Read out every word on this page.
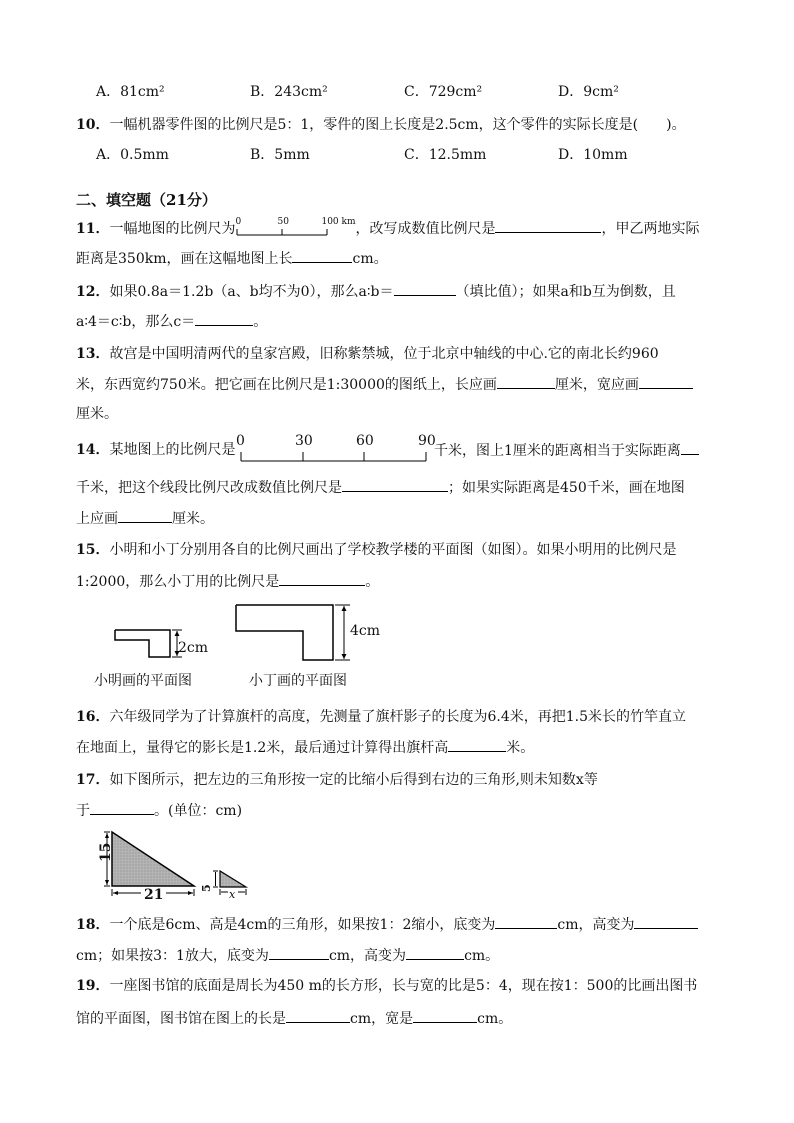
A．81cm²	B．243cm²	C．729cm²	D．9cm²
10．一幅机器零件图的比例尺是5：1，零件的图上长度是2.5cm，这个零件的实际长度是(　　)。
A．0.5mm	B．5mm	C．12.5mm	D．10mm
二、填空题（21分）
11．一幅地图的比例尺为 0	50	100 km ，改写成数值比例尺是	，甲乙两地实际
距离是350km，画在这幅地图上长	cm。
12．如果0.8a＝1.2b（a、b均不为0），那么a∶b＝	（填比值）；如果a和b互为倒数，且
a∶4＝c∶b，那么c＝	。
13．故宫是中国明清两代的皇家宫殿，旧称紫禁城，位于北京中轴线的中心.它的南北长约960
米，东西宽约750米。把它画在比例尺是1:30000的图纸上，长应画	厘米，宽应画
厘米。
14．某地图上的比例尺是
0	30	60	90
千米，图上1厘米的距离相当于实际距离
千米，把这个线段比例尺改成数值比例尺是	；如果实际距离是450千米，画在地图
上应画	厘米。
15．小明和小丁分别用各自的比例尺画出了学校教学楼的平面图（如图）。如果小明用的比例尺是
1:2000，那么小丁用的比例尺是	。
2cm
4cm
小明画的平面图	小丁画的平面图
16．六年级同学为了计算旗杆的高度，先测量了旗杆影子的长度为6.4米，再把1.5米长的竹竿直立
在地面上，量得它的影长是1.2米，最后通过计算得出旗杆高	米。
17．如下图所示，把左边的三角形按一定的比缩小后得到右边的三角形,则未知数x等
于	。(单位：cm)
15
21	5	x
18．一个底是6cm、高是4cm的三角形，如果按1：2缩小，底变为	cm，高变为
cm；如果按3：1放大，底变为	cm，高变为	cm。
19．一座图书馆的底面是周长为450 m的长方形，长与宽的比是5：4，现在按1：500的比画出图书
馆的平面图，图书馆在图上的长是	cm，宽是	cm。
